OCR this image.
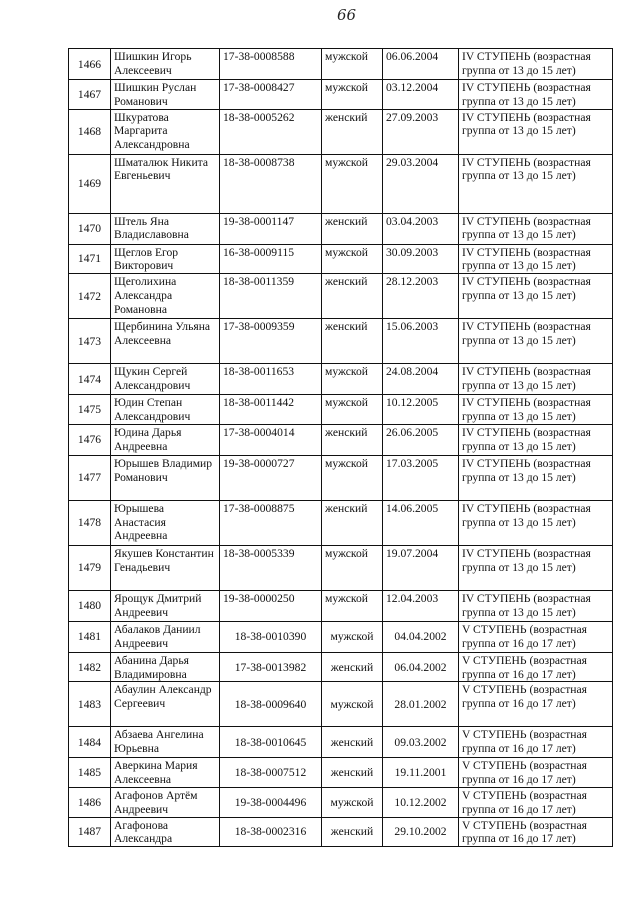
66
1466	Шишкин Игорь Алексеевич	17-38-0008588	мужской	06.06.2004	IV СТУПЕНЬ (возрастная группа от 13 до 15 лет)
1467	Шишкин Руслан Романович	17-38-0008427	мужской	03.12.2004	IV СТУПЕНЬ (возрастная группа от 13 до 15 лет)
1468	Шкуратова Маргарита Александровна	18-38-0005262	женский	27.09.2003	IV СТУПЕНЬ (возрастная группа от 13 до 15 лет)
1469	Шматалюк Никита Евгеньевич	18-38-0008738	мужской	29.03.2004	IV СТУПЕНЬ (возрастная группа от 13 до 15 лет)
1470	Штель Яна Владиславовна	19-38-0001147	женский	03.04.2003	IV СТУПЕНЬ (возрастная группа от 13 до 15 лет)
1471	Щеглов Егор Викторович	16-38-0009115	мужской	30.09.2003	IV СТУПЕНЬ (возрастная группа от 13 до 15 лет)
1472	Щеголихина Александра Романовна	18-38-0011359	женский	28.12.2003	IV СТУПЕНЬ (возрастная группа от 13 до 15 лет)
1473	Щербинина Ульяна Алексеевна	17-38-0009359	женский	15.06.2003	IV СТУПЕНЬ (возрастная группа от 13 до 15 лет)
1474	Щукин Сергей Александрович	18-38-0011653	мужской	24.08.2004	IV СТУПЕНЬ (возрастная группа от 13 до 15 лет)
1475	Юдин Степан Александрович	18-38-0011442	мужской	10.12.2005	IV СТУПЕНЬ (возрастная группа от 13 до 15 лет)
1476	Юдина Дарья Андреевна	17-38-0004014	женский	26.06.2005	IV СТУПЕНЬ (возрастная группа от 13 до 15 лет)
1477	Юрышев Владимир Романович	19-38-0000727	мужской	17.03.2005	IV СТУПЕНЬ (возрастная группа от 13 до 15 лет)
1478	Юрышева Анастасия Андреевна	17-38-0008875	женский	14.06.2005	IV СТУПЕНЬ (возрастная группа от 13 до 15 лет)
1479	Якушев Константин Генадьевич	18-38-0005339	мужской	19.07.2004	IV СТУПЕНЬ (возрастная группа от 13 до 15 лет)
1480	Ярощук Дмитрий Андреевич	19-38-0000250	мужской	12.04.2003	IV СТУПЕНЬ (возрастная группа от 13 до 15 лет)
1481	Абалаков Даниил Андреевич	18-38-0010390	мужской	04.04.2002	V СТУПЕНЬ (возрастная группа от 16 до 17 лет)
1482	Абанина Дарья Владимировна	17-38-0013982	женский	06.04.2002	V СТУПЕНЬ (возрастная группа от 16 до 17 лет)
1483	Абаулин Александр Сергеевич	18-38-0009640	мужской	28.01.2002	V СТУПЕНЬ (возрастная группа от 16 до 17 лет)
1484	Абзаева Ангелина Юрьевна	18-38-0010645	женский	09.03.2002	V СТУПЕНЬ (возрастная группа от 16 до 17 лет)
1485	Аверкина Мария Алексеевна	18-38-0007512	женский	19.11.2001	V СТУПЕНЬ (возрастная группа от 16 до 17 лет)
1486	Агафонов Артём Андреевич	19-38-0004496	мужской	10.12.2002	V СТУПЕНЬ (возрастная группа от 16 до 17 лет)
1487	Агафонова Александра	18-38-0002316	женский	29.10.2002	V СТУПЕНЬ (возрастная группа от 16 до 17 лет)
